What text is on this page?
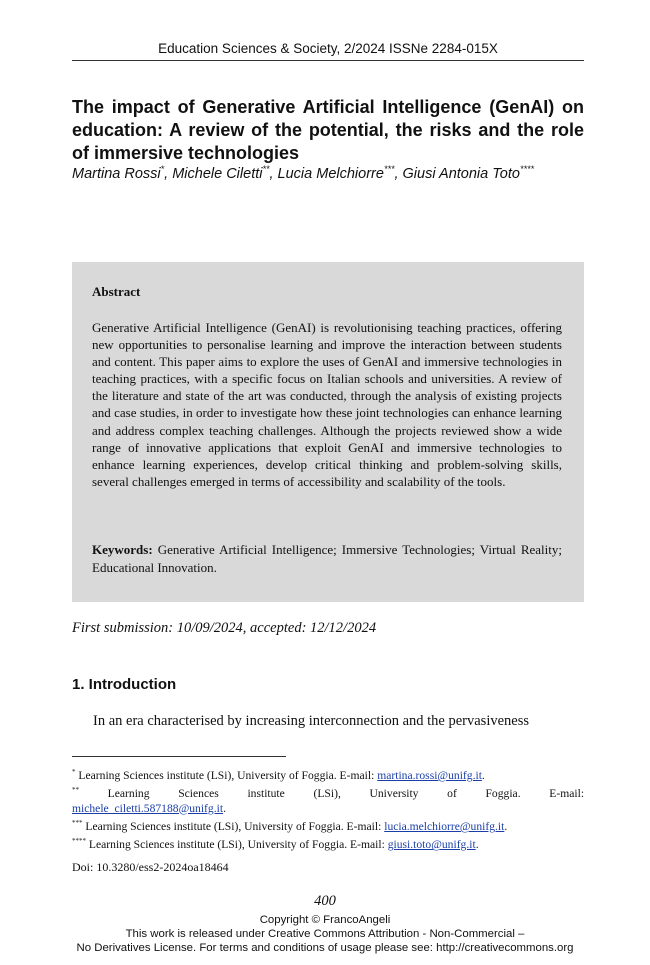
Education Sciences & Society, 2/2024 ISSNe 2284-015X
The impact of Generative Artificial Intelligence (GenAI) on education: A review of the potential, the risks and the role of immersive technologies
Martina Rossi*, Michele Ciletti**, Lucia Melchiorre***, Giusi Antonia Toto****
Abstract
Generative Artificial Intelligence (GenAI) is revolutionising teaching practices, offering new opportunities to personalise learning and improve the interaction between students and content. This paper aims to explore the uses of GenAI and immersive technologies in teaching practices, with a specific focus on Italian schools and universities. A review of the literature and state of the art was conducted, through the analysis of existing projects and case studies, in order to investigate how these joint technologies can enhance learning and address complex teaching challenges. Although the projects reviewed show a wide range of innovative applications that exploit GenAI and immersive technologies to enhance learning experiences, develop critical thinking and problem-solving skills, several challenges emerged in terms of accessibility and scalability of the tools.
Keywords: Generative Artificial Intelligence; Immersive Technologies; Virtual Reality; Educational Innovation.
First submission: 10/09/2024, accepted: 12/12/2024
1. Introduction
In an era characterised by increasing interconnection and the pervasiveness
* Learning Sciences institute (LSi), University of Foggia. E-mail: martina.rossi@unifg.it.
** Learning Sciences institute (LSi), University of Foggia. E-mail:
michele_ciletti.587188@unifg.it.
*** Learning Sciences institute (LSi), University of Foggia. E-mail: lucia.melchiorre@unifg.it.
**** Learning Sciences institute (LSi), University of Foggia. E-mail: giusi.toto@unifg.it.
Doi: 10.3280/ess2-2024oa18464
400
Copyright © FrancoAngeli
This work is released under Creative Commons Attribution - Non-Commercial –
No Derivatives License. For terms and conditions of usage please see: http://creativecommons.org
